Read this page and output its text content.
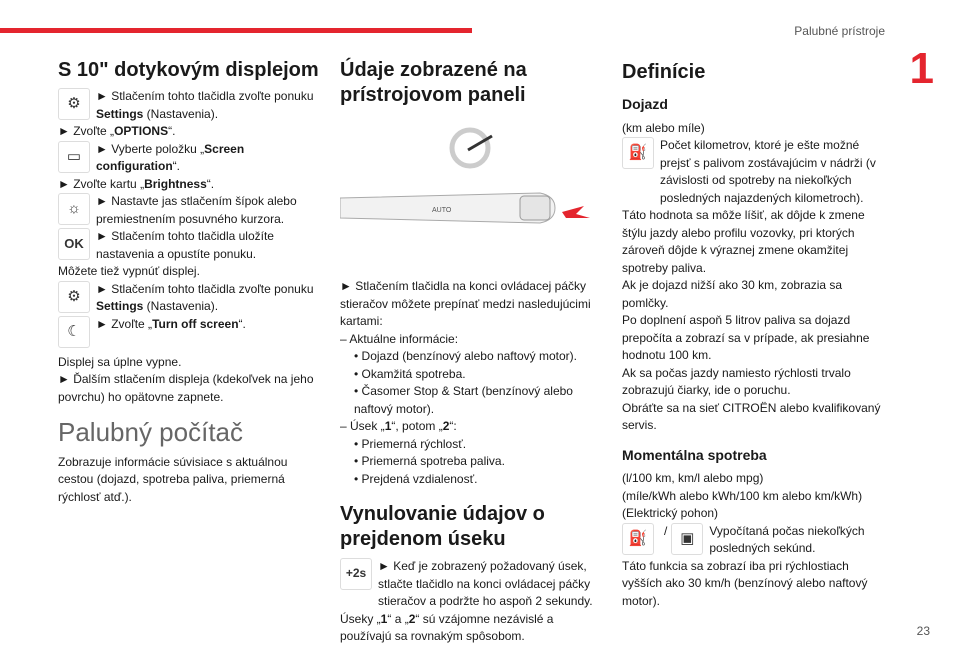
Palubné prístroje
1
S 10" dotykovým displejom
⚙	► Stlačením tohto tlačidla zvoľte ponuku Settings (Nastavenia).

► Zvoľte „OPTIONS“.

▭	► Vyberte položku „Screen configuration“.

► Zvoľte kartu „Brightness“.

☼	► Nastavte jas stlačením šípok alebo premiestnením posuvného kurzora.

OK

► Stlačením tohto tlačidla uložíte nastavenia a opustíte ponuku.

Môžete tiež vypnúť displej.

⚙	► Stlačením tohto tlačidla zvoľte ponuku Settings (Nastavenia).

☾	► Zvoľte „Turn off screen“.

Displej sa úplne vypne.

► Ďalším stlačením displeja (kdekoľvek na jeho povrchu) ho opätovne zapnete.

Palubný počítač

Zobrazuje informácie súvisiace s aktuálnou cestou (dojazd, spotreba paliva, priemerná rýchlosť atď.).

Údaje zobrazené na prístrojovom paneli
AUTO

► Stlačením tlačidla na konci ovládacej páčky stieračov môžete prepínať medzi nasledujúcimi kartami:

– Aktuálne informácie:

• Dojazd (benzínový alebo naftový motor).

• Okamžitá spotreba.

• Časomer Stop & Start (benzínový alebo naftový motor).

– Úsek „1“, potom „2“:

• Priemerná rýchlosť.

• Priemerná spotreba paliva.

• Prejdená vzdialenosť.

Vynulovanie údajov o prejdenom úseku
+2s

► Keď je zobrazený požadovaný úsek, stlačte tlačidlo na konci ovládacej páčky stieračov a podržte ho aspoň 2 sekundy.

Úseky „1“ a „2“ sú vzájomne nezávislé a používajú sa rovnakým spôsobom.

Definície
Dojazd

(km alebo míle)

⛽	Počet kilometrov, ktoré je ešte možné prejsť s palivom zostávajúcim v nádrži (v závislosti od spotreby na niekoľkých posledných najazdených kilometroch).

Táto hodnota sa môže líšiť, ak dôjde k zmene štýlu jazdy alebo profilu vozovky, pri ktorých zároveň dôjde k výraznej zmene okamžitej spotreby paliva.

Ak je dojazd nižší ako 30 km, zobrazia sa pomlčky.

Po doplnení aspoň 5 litrov paliva sa dojazd prepočíta a zobrazí sa v prípade, ak presiahne hodnotu 100 km.

Ak sa počas jazdy namiesto rýchlosti trvalo zobrazujú čiarky, ide o poruchu.

Obráťte sa na sieť CITROËN alebo kvalifikovaný servis.

Momentálna spotreba

(l/100 km, km/l alebo mpg)

(míle/kWh alebo kWh/100 km alebo km/kWh)

(Elektrický pohon)

⛽	/ ▣	Vypočítaná počas niekoľkých posledných sekúnd.

Táto funkcia sa zobrazí iba pri rýchlostiach vyšších ako 30 km/h (benzínový alebo naftový motor).

23
